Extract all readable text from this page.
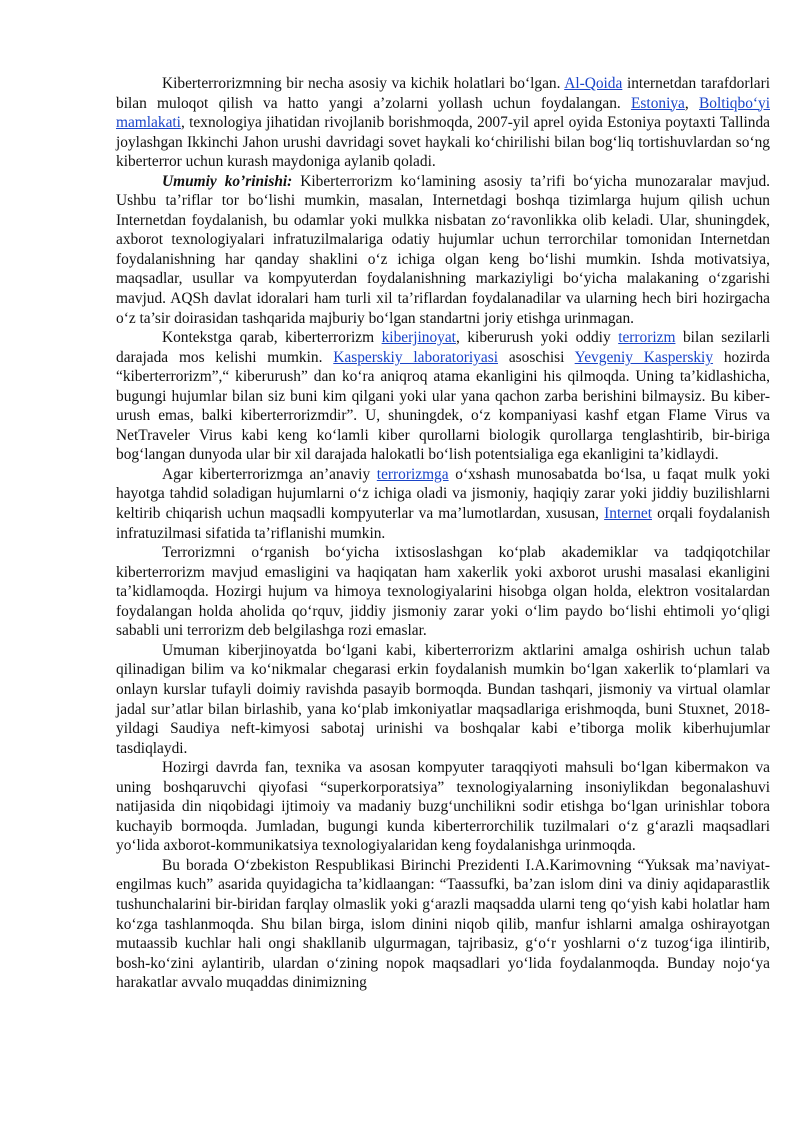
Kiberterrorizmning bir necha asosiy va kichik holatlari bo‘lgan. Al-Qoida internetdan tarafdorlari bilan muloqot qilish va hatto yangi a’zolarni yollash uchun foydalangan. Estoniya, Boltiqbo‘yi mamlakati, texnologiya jihatidan rivojlanib borishmoqda, 2007-yil aprel oyida Estoniya poytaxti Tallinda joylashgan Ikkinchi Jahon urushi davridagi sovet haykali ko‘chirilishi bilan bog‘liq tortishuvlardan so‘ng kiberterror uchun kurash maydoniga aylanib qoladi.

Umumiy ko’rinishi: Kiberterrorizm ko‘lamining asosiy ta’rifi bo‘yicha munozaralar mavjud. Ushbu ta’riflar tor bo‘lishi mumkin, masalan, Internetdagi boshqa tizimlarga hujum qilish uchun Internetdan foydalanish, bu odamlar yoki mulkka nisbatan zo‘ravonlikka olib keladi. Ular, shuningdek, axborot texnologiyalari infratuzilmalariga odatiy hujumlar uchun terrorchilar tomonidan Internetdan foydalanishning har qanday shaklini o‘z ichiga olgan keng bo‘lishi mumkin. Ishda motivatsiya, maqsadlar, usullar va kompyuterdan foydalanishning markaziyligi bo‘yicha malakaning o‘zgarishi mavjud. AQSh davlat idoralari ham turli xil ta’riflardan foydalanadilar va ularning hech biri hozirgacha o‘z ta’sir doirasidan tashqarida majburiy bo‘lgan standartni joriy etishga urinmagan.

Kontekstga qarab, kiberterrorizm kiberjinoyat, kiberurush yoki oddiy terrorizm bilan sezilarli darajada mos kelishi mumkin. Kasperskiy laboratoriyasi asoschisi Yevgeniy Kasperskiy hozirda “kiberterrorizm”,“ kiberurush” dan ko‘ra aniqroq atama ekanligini his qilmoqda. Uning ta’kidlashicha, bugungi hujumlar bilan siz buni kim qilgani yoki ular yana qachon zarba berishini bilmaysiz. Bu kiber-urush emas, balki kiberterrorizmdir”. U, shuningdek, o‘z kompaniyasi kashf etgan Flame Virus va NetTraveler Virus kabi keng ko‘lamli kiber qurollarni biologik qurollarga tenglashtirib, bir-biriga bog‘langan dunyoda ular bir xil darajada halokatli bo‘lish potentsialiga ega ekanligini ta’kidlaydi.

Agar kiberterrorizmga an’anaviy terrorizmga o‘xshash munosabatda bo‘lsa, u faqat mulk yoki hayotga tahdid soladigan hujumlarni o‘z ichiga oladi va jismoniy, haqiqiy zarar yoki jiddiy buzilishlarni keltirib chiqarish uchun maqsadli kompyuterlar va ma’lumotlardan, xususan, Internet orqali foydalanish infratuzilmasi sifatida ta’riflanishi mumkin.

Terrorizmni o‘rganish bo‘yicha ixtisoslashgan ko‘plab akademiklar va tadqiqotchilar kiberterrorizm mavjud emasligini va haqiqatan ham xakerlik yoki axborot urushi masalasi ekanligini ta’kidlamoqda. Hozirgi hujum va himoya texnologiyalarini hisobga olgan holda, elektron vositalardan foydalangan holda aholida qo‘rquv, jiddiy jismoniy zarar yoki o‘lim paydo bo‘lishi ehtimoli yo‘qligi sababli uni terrorizm deb belgilashga rozi emaslar.

Umuman kiberjinoyatda bo‘lgani kabi, kiberterrorizm aktlarini amalga oshirish uchun talab qilinadigan bilim va ko‘nikmalar chegarasi erkin foydalanish mumkin bo‘lgan xakerlik to‘plamlari va onlayn kurslar tufayli doimiy ravishda pasayib bormoqda. Bundan tashqari, jismoniy va virtual olamlar jadal sur’atlar bilan birlashib, yana ko‘plab imkoniyatlar maqsadlariga erishmoqda, buni Stuxnet, 2018-yildagi Saudiya neft-kimyosi sabotaj urinishi va boshqalar kabi e’tiborga molik kiberhujumlar tasdiqlaydi.

Hozirgi davrda fan, texnika va asosan kompyuter taraqqiyoti mahsuli bo‘lgan kibermakon va uning boshqaruvchi qiyofasi “superkorporatsiya” texnologiyalarning insoniylikdan begonalashuvi natijasida din niqobidagi ijtimoiy va madaniy buzg‘unchilikni sodir etishga bo‘lgan urinishlar tobora kuchayib bormoqda. Jumladan, bugungi kunda kiberterrorchilik tuzilmalari o‘z g‘arazli maqsadlari yo‘lida axborot-kommunikatsiya texnologiyalaridan keng foydalanishga urinmoqda.

Bu borada O‘zbekiston Respublikasi Birinchi Prezidenti I.A.Karimovning “Yuksak ma’naviyat-engilmas kuch” asarida quyidagicha ta’kidlaangan: “Taassufki, ba’zan islom dini va diniy aqidaparastlik tushunchalarini bir-biridan farqlay olmaslik yoki g‘arazli maqsadda ularni teng qo‘yish kabi holatlar ham ko‘zga tashlanmoqda. Shu bilan birga, islom dinini niqob qilib, manfur ishlarni amalga oshirayotgan mutaassib kuchlar hali ongi shakllanib ulgurmagan, tajribasiz, g‘o‘r yoshlarni o‘z tuzog‘iga ilintirib, bosh-ko‘zini aylantirib, ulardan o‘zining nopok maqsadlari yo‘lida foydalanmoqda. Bunday nojo‘ya harakatlar avvalo muqaddas dinimizning
